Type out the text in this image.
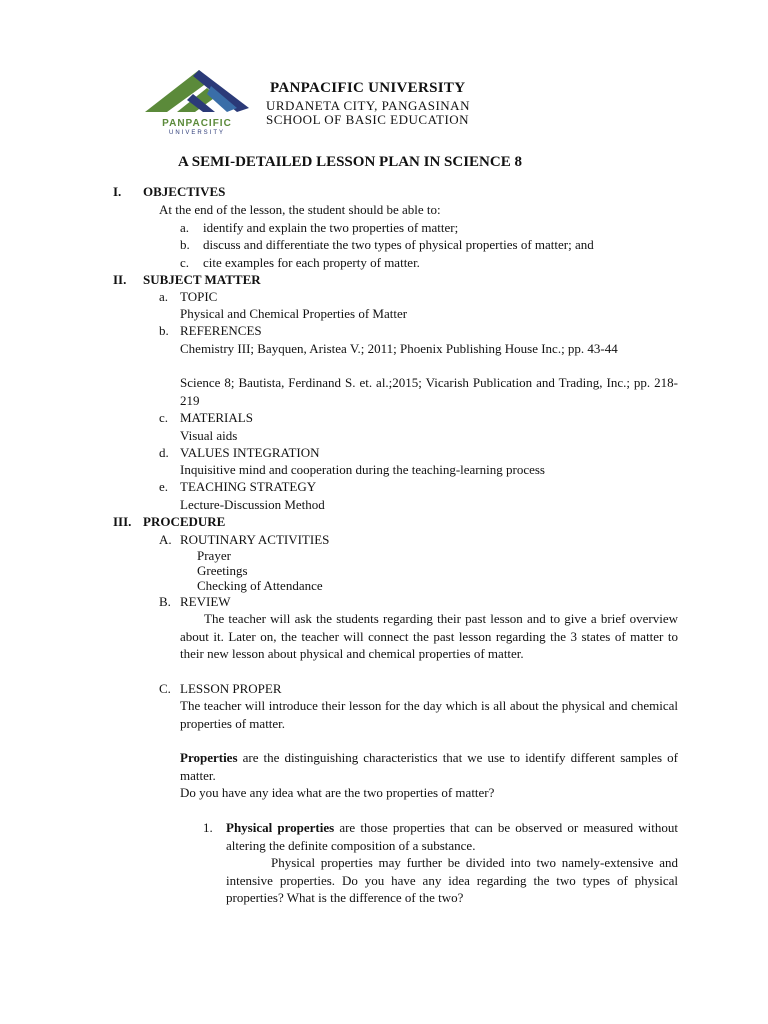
PANPACIFIC
UNIVERSITY
PANPACIFIC UNIVERSITY
URDANETA CITY, PANGASINAN
SCHOOL OF BASIC EDUCATION
A SEMI-DETAILED LESSON PLAN IN SCIENCE 8
I. OBJECTIVES
At the end of the lesson, the student should be able to:
a. identify and explain the two properties of matter;
b. discuss and differentiate the two types of physical properties of matter; and
c. cite examples for each property of matter.
II. SUBJECT MATTER
a. TOPIC
Physical and Chemical Properties of Matter
b. REFERENCES
Chemistry III; Bayquen, Aristea V.; 2011; Phoenix Publishing House Inc.; pp. 43-44
Science 8; Bautista, Ferdinand S. et. al.;2015; Vicarish Publication and Trading, Inc.; pp. 218-219
c. MATERIALS
Visual aids
d. VALUES INTEGRATION
Inquisitive mind and cooperation during the teaching-learning process
e. TEACHING STRATEGY
Lecture-Discussion Method
III. PROCEDURE
A. ROUTINARY ACTIVITIES
Prayer
Greetings
Checking of Attendance
B. REVIEW
The teacher will ask the students regarding their past lesson and to give a brief overview about it. Later on, the teacher will connect the past lesson regarding the 3 states of matter to their new lesson about physical and chemical properties of matter.
C. LESSON PROPER
The teacher will introduce their lesson for the day which is all about the physical and chemical properties of matter.
Properties are the distinguishing characteristics that we use to identify different samples of matter.
Do you have any idea what are the two properties of matter?
1. Physical properties are those properties that can be observed or measured without altering the definite composition of a substance.
Physical properties may further be divided into two namely-extensive and intensive properties. Do you have any idea regarding the two types of physical properties? What is the difference of the two?
